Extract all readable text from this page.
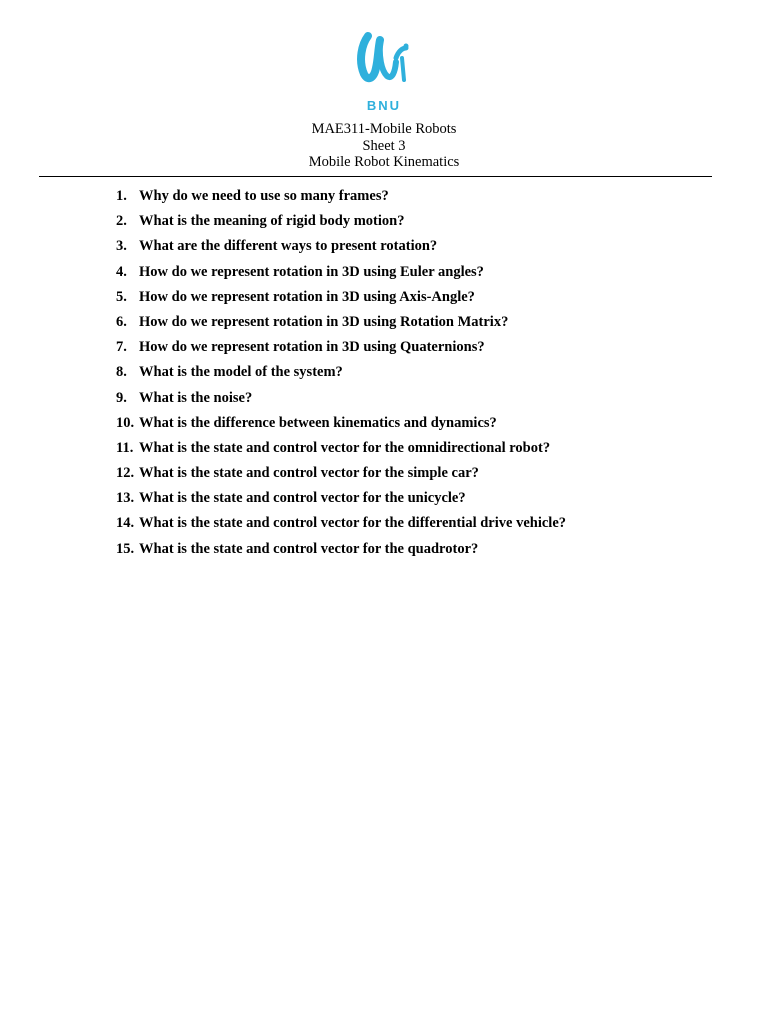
BNU
MAE311-Mobile Robots
Sheet 3
Mobile Robot Kinematics
1. Why do we need to use so many frames?
2. What is the meaning of rigid body motion?
3. What are the different ways to present rotation?
4. How do we represent rotation in 3D using Euler angles?
5. How do we represent rotation in 3D using Axis-Angle?
6. How do we represent rotation in 3D using Rotation Matrix?
7. How do we represent rotation in 3D using Quaternions?
8. What is the model of the system?
9. What is the noise?
10. What is the difference between kinematics and dynamics?
11. What is the state and control vector for the omnidirectional robot?
12. What is the state and control vector for the simple car?
13. What is the state and control vector for the unicycle?
14. What is the state and control vector for the differential drive vehicle?
15. What is the state and control vector for the quadrotor?
